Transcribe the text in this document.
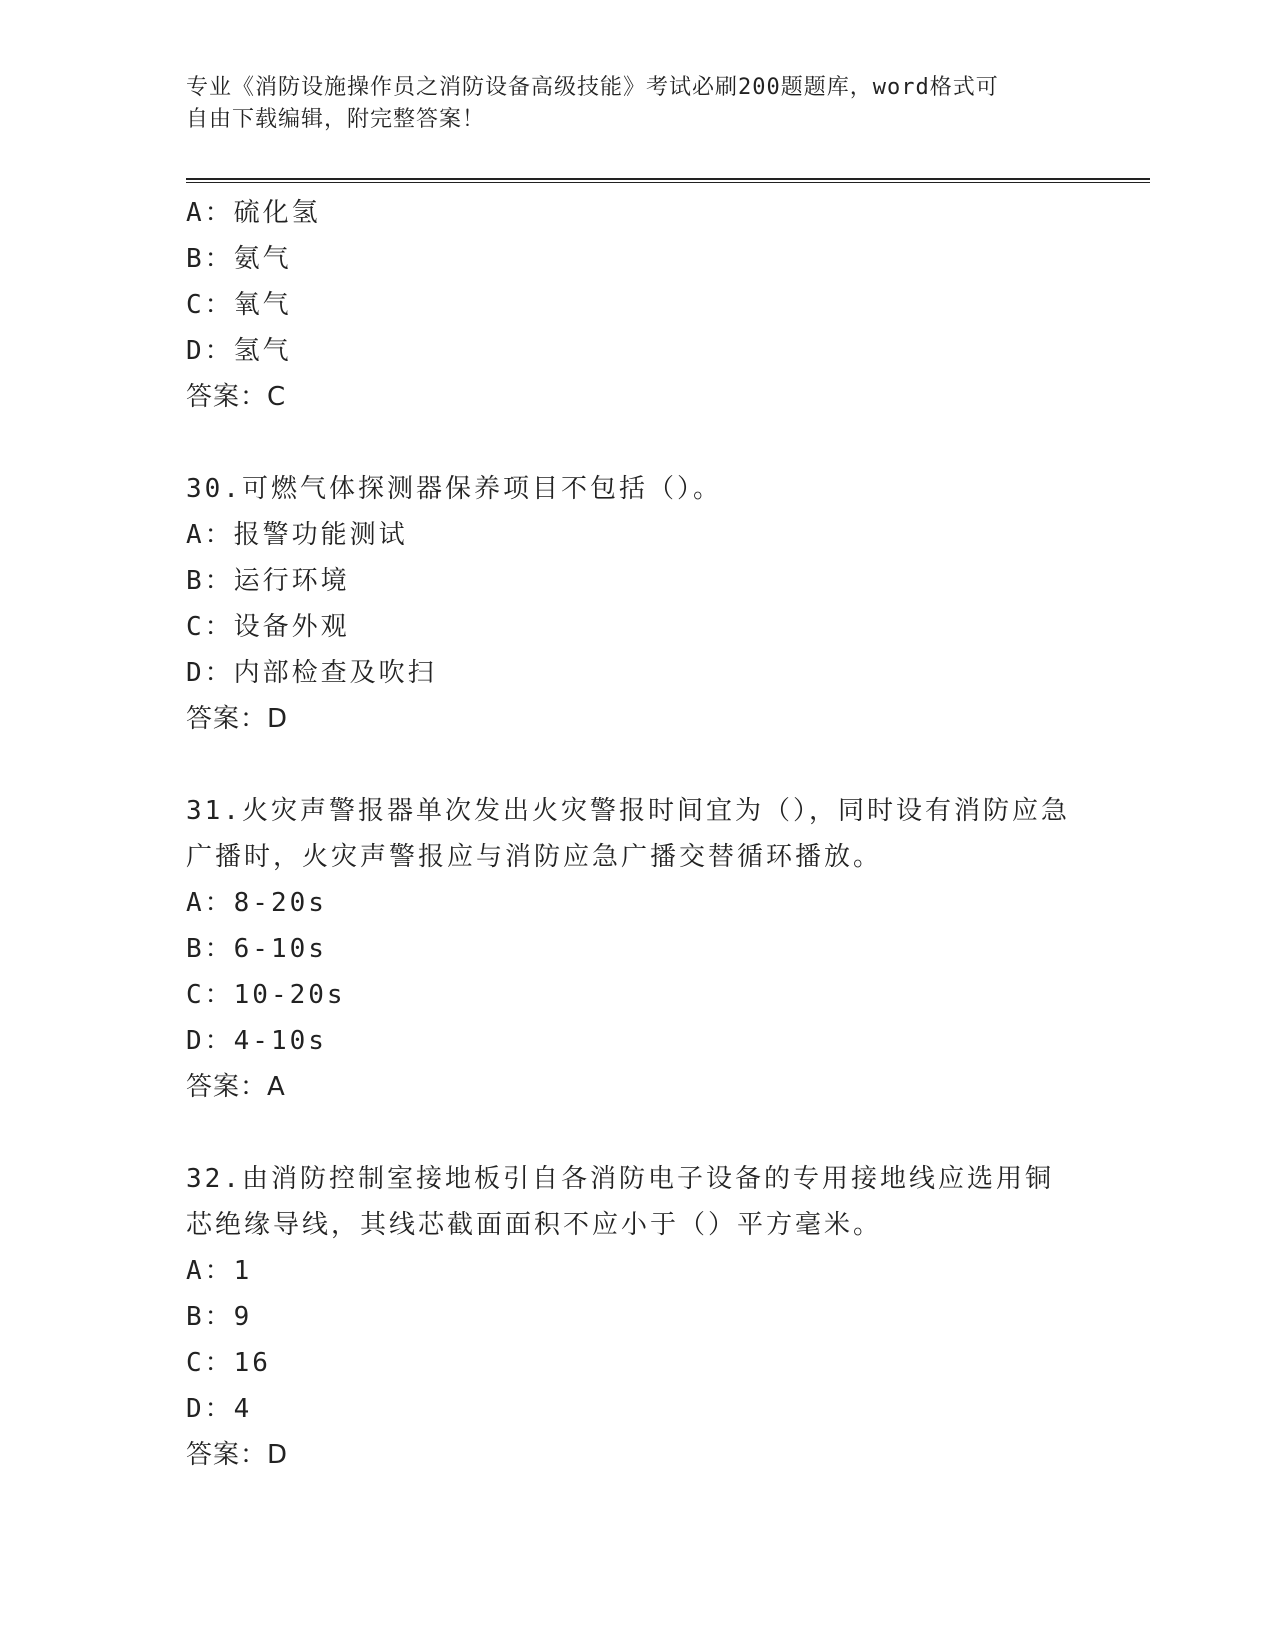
专业《消防设施操作员之消防设备高级技能》考试必刷200题题库，word格式可
自由下载编辑，附完整答案！
A：硫化氢
B：氨气
C：氧气
D：氢气
答案：C
30.可燃气体探测器保养项目不包括（）。
A：报警功能测试
B：运行环境
C：设备外观
D：内部检查及吹扫
答案：D
31.火灾声警报器单次发出火灾警报时间宜为（），同时设有消防应急广播时，火灾声警报应与消防应急广播交替循环播放。
A：8-20s
B：6-10s
C：10-20s
D：4-10s
答案：A
32.由消防控制室接地板引自各消防电子设备的专用接地线应选用铜芯绝缘导线，其线芯截面面积不应小于（）平方毫米。
A：1
B：9
C：16
D：4
答案：D
